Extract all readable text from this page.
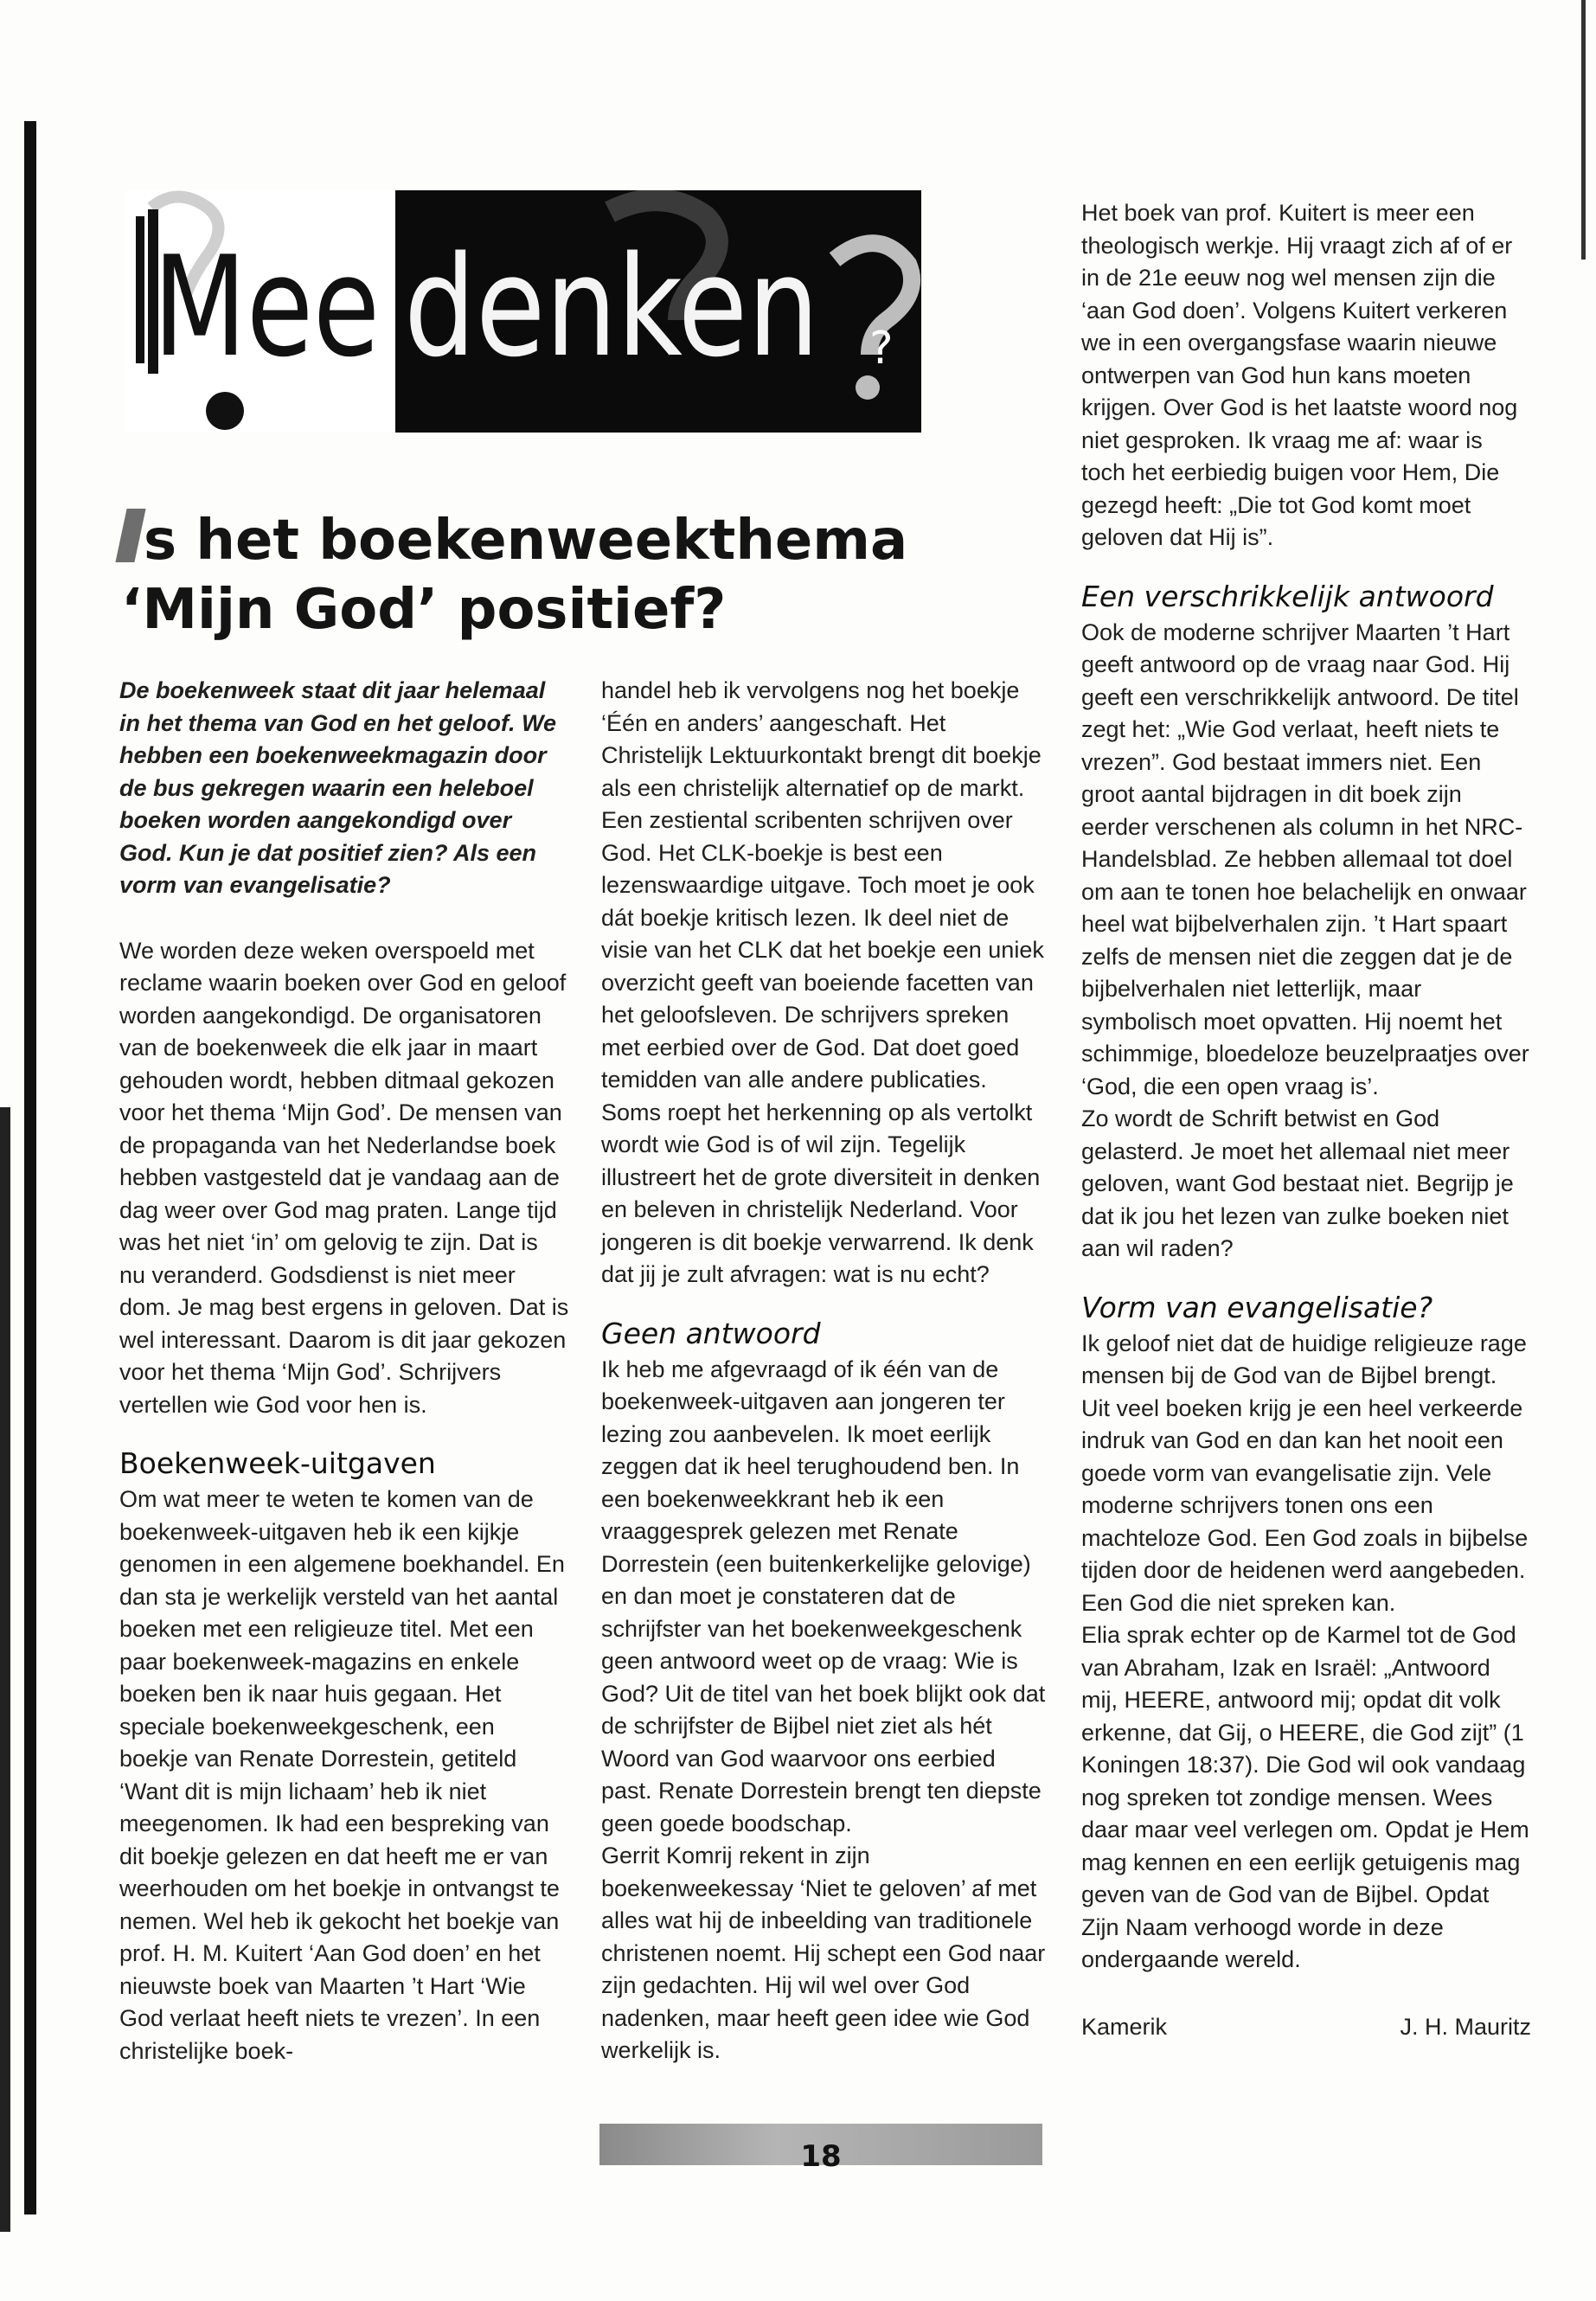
Mee denken ?
s het boekenweekthema
‘Mijn God’ positief?

De boekenweek staat dit jaar helemaal in het thema van God en het geloof. We hebben een boekenweekmagazin door de bus gekregen waarin een heleboel boeken worden aangekondigd over God. Kun je dat positief zien? Als een vorm van evangelisatie?

We worden deze weken overspoeld met reclame waarin boeken over God en geloof worden aangekondigd. De organisatoren van de boekenweek die elk jaar in maart gehouden wordt, hebben ditmaal gekozen voor het thema ‘Mijn God’. De mensen van de propaganda van het Nederlandse boek hebben vastgesteld dat je vandaag aan de dag weer over God mag praten. Lange tijd was het niet ‘in’ om gelovig te zijn. Dat is nu veranderd. Godsdienst is niet meer dom. Je mag best ergens in geloven. Dat is wel interessant. Daarom is dit jaar gekozen voor het thema ‘Mijn God’. Schrijvers vertellen wie God voor hen is.

Boekenweek-uitgaven

Om wat meer te weten te komen van de boekenweek-uitgaven heb ik een kijkje genomen in een algemene boekhandel. En dan sta je werkelijk versteld van het aantal boeken met een religieuze titel. Met een paar boekenweek-magazins en enkele boeken ben ik naar huis gegaan. Het speciale boekenweekgeschenk, een boekje van Renate Dorrestein, getiteld ‘Want dit is mijn lichaam’ heb ik niet meegenomen. Ik had een bespreking van dit boekje gelezen en dat heeft me er van weerhouden om het boekje in ontvangst te nemen. Wel heb ik gekocht het boekje van prof. H. M. Kuitert ‘Aan God doen’ en het nieuwste boek van Maarten ’t Hart ‘Wie God verlaat heeft niets te vrezen’. In een christelijke boek-

handel heb ik vervolgens nog het boekje ‘Één en anders’ aangeschaft. Het Christelijk Lektuurkontakt brengt dit boekje als een christelijk alternatief op de markt. Een zestiental scribenten schrijven over God. Het CLK-boekje is best een lezenswaardige uitgave. Toch moet je ook dát boekje kritisch lezen. Ik deel niet de visie van het CLK dat het boekje een uniek overzicht geeft van boeiende facetten van het geloofsleven. De schrijvers spreken met eerbied over de God. Dat doet goed temidden van alle andere publicaties. Soms roept het herkenning op als vertolkt wordt wie God is of wil zijn. Tegelijk illustreert het de grote diversiteit in denken en beleven in christelijk Nederland. Voor jongeren is dit boekje verwarrend. Ik denk dat jij je zult afvragen: wat is nu echt?

Geen antwoord

Ik heb me afgevraagd of ik één van de boekenweek-uitgaven aan jongeren ter lezing zou aanbevelen. Ik moet eerlijk zeggen dat ik heel terughoudend ben. In een boekenweekkrant heb ik een vraaggesprek gelezen met Renate Dorrestein (een buitenkerkelijke gelovige) en dan moet je constateren dat de schrijfster van het boekenweekgeschenk geen antwoord weet op de vraag: Wie is God? Uit de titel van het boek blijkt ook dat de schrijfster de Bijbel niet ziet als hét Woord van God waarvoor ons eerbied past. Renate Dorrestein brengt ten diepste geen goede boodschap.

Gerrit Komrij rekent in zijn boekenweekessay ‘Niet te geloven’ af met alles wat hij de inbeelding van traditionele christenen noemt. Hij schept een God naar zijn gedachten. Hij wil wel over God nadenken, maar heeft geen idee wie God werkelijk is.

Het boek van prof. Kuitert is meer een theologisch werkje. Hij vraagt zich af of er in de 21e eeuw nog wel mensen zijn die ‘aan God doen’. Volgens Kuitert verkeren we in een overgangsfase waarin nieuwe ontwerpen van God hun kans moeten krijgen. Over God is het laatste woord nog niet gesproken. Ik vraag me af: waar is toch het eerbiedig buigen voor Hem, Die gezegd heeft: „Die tot God komt moet geloven dat Hij is”.

Een verschrikkelijk antwoord

Ook de moderne schrijver Maarten ’t Hart geeft antwoord op de vraag naar God. Hij geeft een verschrikkelijk antwoord. De titel zegt het: „Wie God verlaat, heeft niets te vrezen”. God bestaat immers niet. Een groot aantal bijdragen in dit boek zijn eerder verschenen als column in het NRC-Handelsblad. Ze hebben allemaal tot doel om aan te tonen hoe belachelijk en onwaar heel wat bijbelverhalen zijn. ’t Hart spaart zelfs de mensen niet die zeggen dat je de bijbelverhalen niet letterlijk, maar symbolisch moet opvatten. Hij noemt het schimmige, bloedeloze beuzelpraatjes over ‘God, die een open vraag is’.

Zo wordt de Schrift betwist en God gelasterd. Je moet het allemaal niet meer geloven, want God bestaat niet. Begrijp je dat ik jou het lezen van zulke boeken niet aan wil raden?

Vorm van evangelisatie?

Ik geloof niet dat de huidige religieuze rage mensen bij de God van de Bijbel brengt. Uit veel boeken krijg je een heel verkeerde indruk van God en dan kan het nooit een goede vorm van evangelisatie zijn. Vele moderne schrijvers tonen ons een machteloze God. Een God zoals in bijbelse tijden door de heidenen werd aangebeden. Een God die niet spreken kan.

Elia sprak echter op de Karmel tot de God van Abraham, Izak en Israël: „Antwoord mij, HEERE, antwoord mij; opdat dit volk erkenne, dat Gij, o HEERE, die God zijt” (1 Koningen 18:37). Die God wil ook vandaag nog spreken tot zondige mensen. Wees daar maar veel verlegen om. Opdat je Hem mag kennen en een eerlijk getuigenis mag geven van de God van de Bijbel. Opdat Zijn Naam verhoogd worde in deze ondergaande wereld.

Kamerik	J. H. Mauritz

18
